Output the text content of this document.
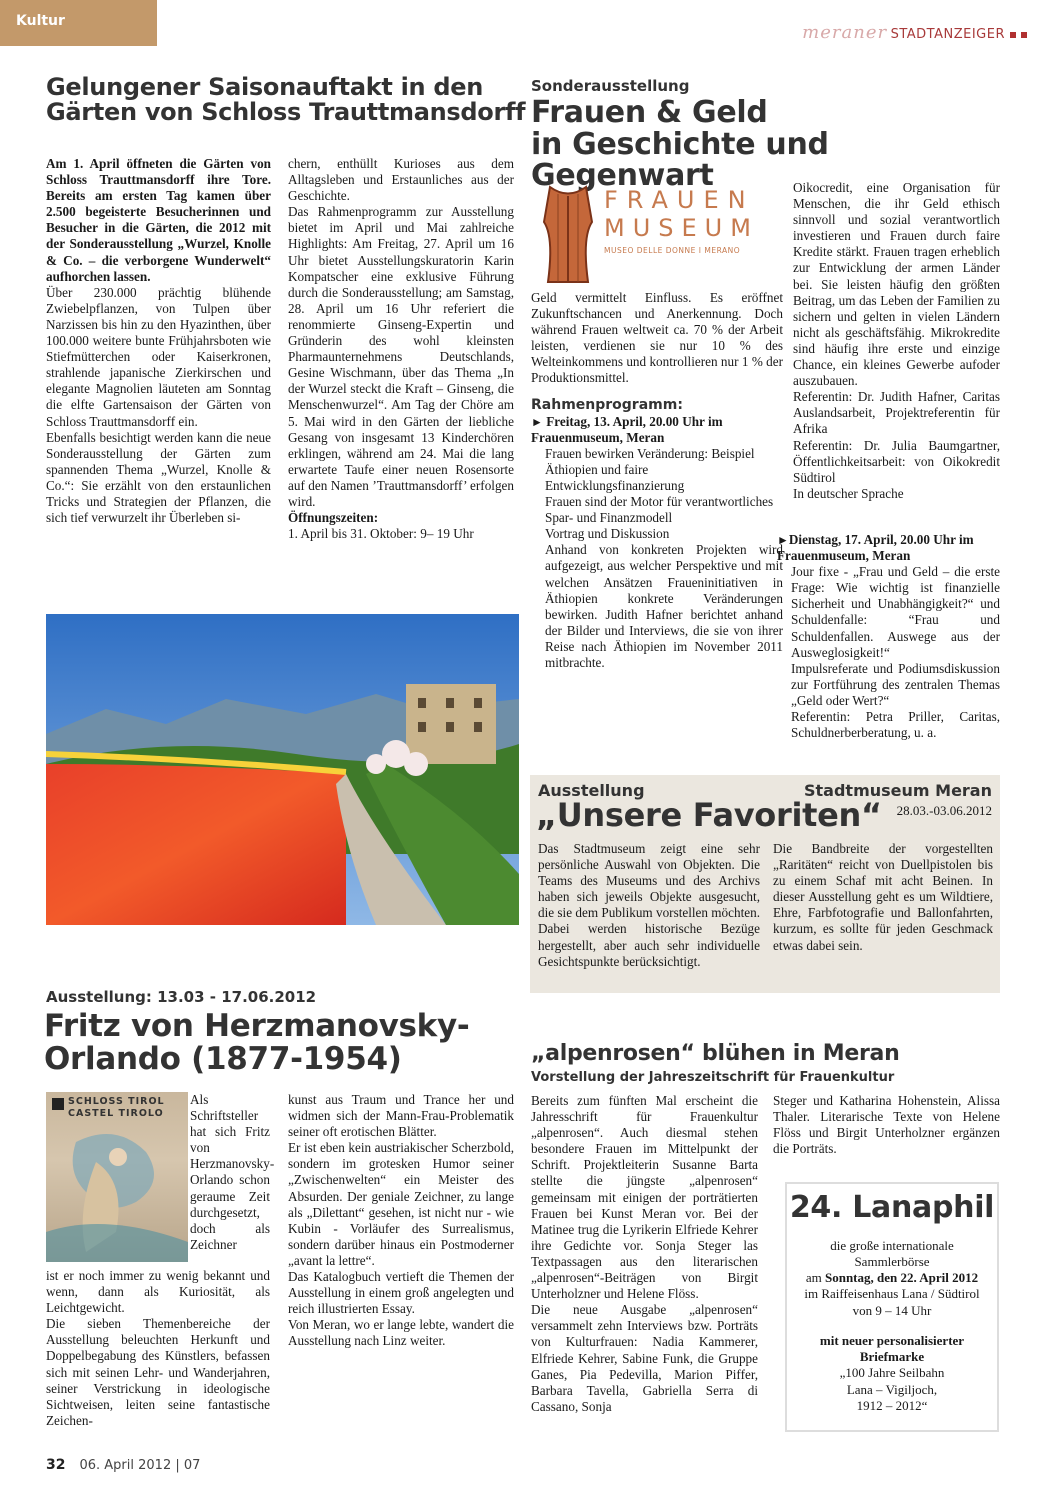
Kultur
meraner STADTANZEIGER
Gelungener Saisonauftakt in den
Gärten von Schloss Trauttmansdorff

Am 1. April öffneten die Gärten von Schloss Trauttmansdorff ihre Tore. Bereits am ersten Tag kamen über 2.500 begeisterte Besucherinnen und Besucher in die Gärten, die 2012 mit der Sonderausstellung „Wurzel, Knolle & Co. – die verborgene Wunderwelt“ aufhorchen lassen.

Über 230.000 prächtig blühende Zwiebelpflanzen, von Tulpen über Narzissen bis hin zu den Hyazinthen, über 100.000 weitere bunte Frühjahrsboten wie Stiefmütterchen oder Kaiserkronen, strahlende japanische Zierkirschen und elegante Magnolien läuteten am Sonntag die elfte Gartensaison der Gärten von Schloss Trauttmansdorff ein.

Ebenfalls besichtigt werden kann die neue Sonderausstellung der Gärten zum spannenden Thema „Wurzel, Knolle & Co.“: Sie erzählt von den erstaunlichen Tricks und Strategien der Pflanzen, die sich tief verwurzelt ihr Überleben si-

chern, enthüllt Kurioses aus dem Alltagsleben und Erstaunliches aus der Geschichte.

Das Rahmenprogramm zur Ausstellung bietet im April und Mai zahlreiche Highlights: Am Freitag, 27. April um 16 Uhr bietet Ausstellungskuratorin Karin Kompatscher eine exklusive Führung durch die Sonderausstellung; am Samstag, 28. April um 16 Uhr referiert die renommierte Ginseng-Expertin und Gründerin des wohl kleinsten Pharmaunternehmens Deutschlands, Gesine Wischmann, über das Thema „In der Wurzel steckt die Kraft – Ginseng, die Menschenwurzel“. Am Tag der Chöre am 5. Mai wird in den Gärten der liebliche Gesang von insgesamt 13 Kinderchören erklingen, während am 24. Mai die lang erwartete Taufe einer neuen Rosensorte auf den Namen ’Trauttmansdorff’ erfolgen wird.

Öffnungszeiten:

1. April bis 31. Oktober: 9– 19 Uhr

Sonderausstellung
Frauen & Geld
in Geschichte und Gegenwart
FRAUEN
MUSEUM
MUSEO DELLE DONNE I MERANO

Geld vermittelt Einfluss. Es eröffnet Zukunftschancen und Anerkennung. Doch während Frauen weltweit ca. 70 % der Arbeit leisten, verdienen sie nur 10 % des Welteinkommens und kontrollieren nur 1 % der Produktionsmittel.

Rahmenprogramm:

► Freitag, 13. April, 20.00 Uhr im Frauenmuseum, Meran

Frauen bewirken Veränderung: Beispiel Äthiopien und faire Entwicklungsfinanzierung

Frauen sind der Motor für verantwortliches Spar- und Finanzmodell

Vortrag und Diskussion

Anhand von konkreten Projekten wird aufgezeigt, aus welcher Perspektive und mit welchen Ansätzen Fraueninitiativen in Äthiopien konkrete Veränderungen bewirken. Judith Hafner berichtet anhand der Bilder und Interviews, die sie von ihrer Reise nach Äthiopien im November 2011 mitbrachte.

Oikocredit, eine Organisation für Menschen, die ihr Geld ethisch sinnvoll und sozial verantwortlich investieren und Frauen durch faire Kredite stärkt. Frauen tragen erheblich zur Entwicklung der armen Länder bei. Sie leisten häufig den größten Beitrag, um das Leben der Familien zu sichern und gelten in vielen Ländern nicht als geschäftsfähig. Mikrokredite sind häufig ihre erste und einzige Chance, ein kleines Gewerbe aufoder auszubauen.

Referentin: Dr. Judith Hafner, Caritas Auslandsarbeit, Projektreferentin für Afrika

Referentin: Dr. Julia Baumgartner, Öffentlichkeitsarbeit: von Oikokredit Südtirol

In deutscher Sprache

►Dienstag, 17. April, 20.00 Uhr im Frauenmuseum, Meran

Jour fixe - „Frau und Geld – die erste Frage: Wie wichtig ist finanzielle Sicherheit und Unabhängigkeit?“ und Schuldenfalle: “Frau und Schuldenfallen. Auswege aus der Ausweglosigkeit!“

Impulsreferate und Podiumsdiskussion zur Fortführung des zentralen Themas „Geld oder Wert?“

Referentin: Petra Priller, Caritas, Schuldnerberberatung, u. a.

Ausstellung	Stadtmuseum Meran
28.03.-03.06.2012
„Unsere Favoriten“
Das Stadtmuseum zeigt eine sehr persönliche Auswahl von Objekten. Die Teams des Museums und des Archivs haben sich jeweils Objekte ausgesucht, die sie dem Publikum vorstellen möchten. Dabei werden historische Bezüge hergestellt, aber auch sehr individuelle Gesichtspunkte berücksichtigt.
Die Bandbreite der vorgestellten „Raritäten“ reicht von Duellpistolen bis zu einem Schaf mit acht Beinen. In dieser Ausstellung geht es um Wildtiere, Ehre, Farbfotografie und Ballonfahrten, kurzum, es sollte für jeden Geschmack etwas dabei sein.
Ausstellung: 13.03 - 17.06.2012
Fritz von Herzmanovsky-
Orlando (1877-1954)
SCHLOSS TIROL
CASTEL TIROLO
Als Schriftsteller hat sich Fritz von Herzmanovsky-Orlando schon geraume Zeit durchgesetzt, doch als Zeichner

ist er noch immer zu wenig bekannt und wenn, dann als Kuriosität, als Leichtgewicht.

Die sieben Themenbereiche der Ausstellung beleuchten Herkunft und Doppelbegabung des Künstlers, befassen sich mit seinen Lehr- und Wanderjahren, seiner Verstrickung in ideologische Sichtweisen, leiten seine fantastische Zeichen-

kunst aus Traum und Trance her und widmen sich der Mann-Frau-Problematik seiner oft erotischen Blätter.

Er ist eben kein austriakischer Scherzbold, sondern im grotesken Humor seiner „Zwischenwelten“ ein Meister des Absurden. Der geniale Zeichner, zu lange als „Dilettant“ gesehen, ist nicht nur - wie Kubin - Vorläufer des Surrealismus, sondern darüber hinaus ein Postmoderner „avant la lettre“.

Das Katalogbuch vertieft die Themen der Ausstellung in einem groß angelegten und reich illustrierten Essay.

Von Meran, wo er lange lebte, wandert die Ausstellung nach Linz weiter.

„alpenrosen“ blühen in Meran
Vorstellung der Jahreszeitschrift für Frauenkultur

Bereits zum fünften Mal erscheint die Jahresschrift für Frauenkultur „alpenrosen“. Auch diesmal stehen besondere Frauen im Mittelpunkt der Schrift. Projektleiterin Susanne Barta stellte die jüngste „alpenrosen“ gemeinsam mit einigen der porträtierten Frauen bei Kunst Meran vor. Bei der Matinee trug die Lyrikerin Elfriede Kehrer ihre Gedichte vor. Sonja Steger las Textpassagen aus den literarischen „alpenrosen“-Beiträgen von Birgit Unterholzner und Helene Flöss.

Die neue Ausgabe „alpenrosen“ versammelt zehn Interviews bzw. Porträts von Kulturfrauen: Nadia Kammerer, Elfriede Kehrer, Sabine Funk, die Gruppe Ganes, Pia Pedevilla, Marion Piffer, Barbara Tavella, Gabriella Serra di Cassano, Sonja

Steger und Katharina Hohenstein, Alissa Thaler. Literarische Texte von Helene Flöss und Birgit Unterholzner ergänzen die Porträts.
24. Lanaphil
die große internationale
Sammlerbörse
am Sonntag, den 22. April 2012
im Raiffeisenhaus Lana / Südtirol
von 9 – 14 Uhr
mit neuer personalisierter
Briefmarke
„100 Jahre Seilbahn
Lana – Vigiljoch,
1912 – 2012“
32 06. April 2012 | 07
